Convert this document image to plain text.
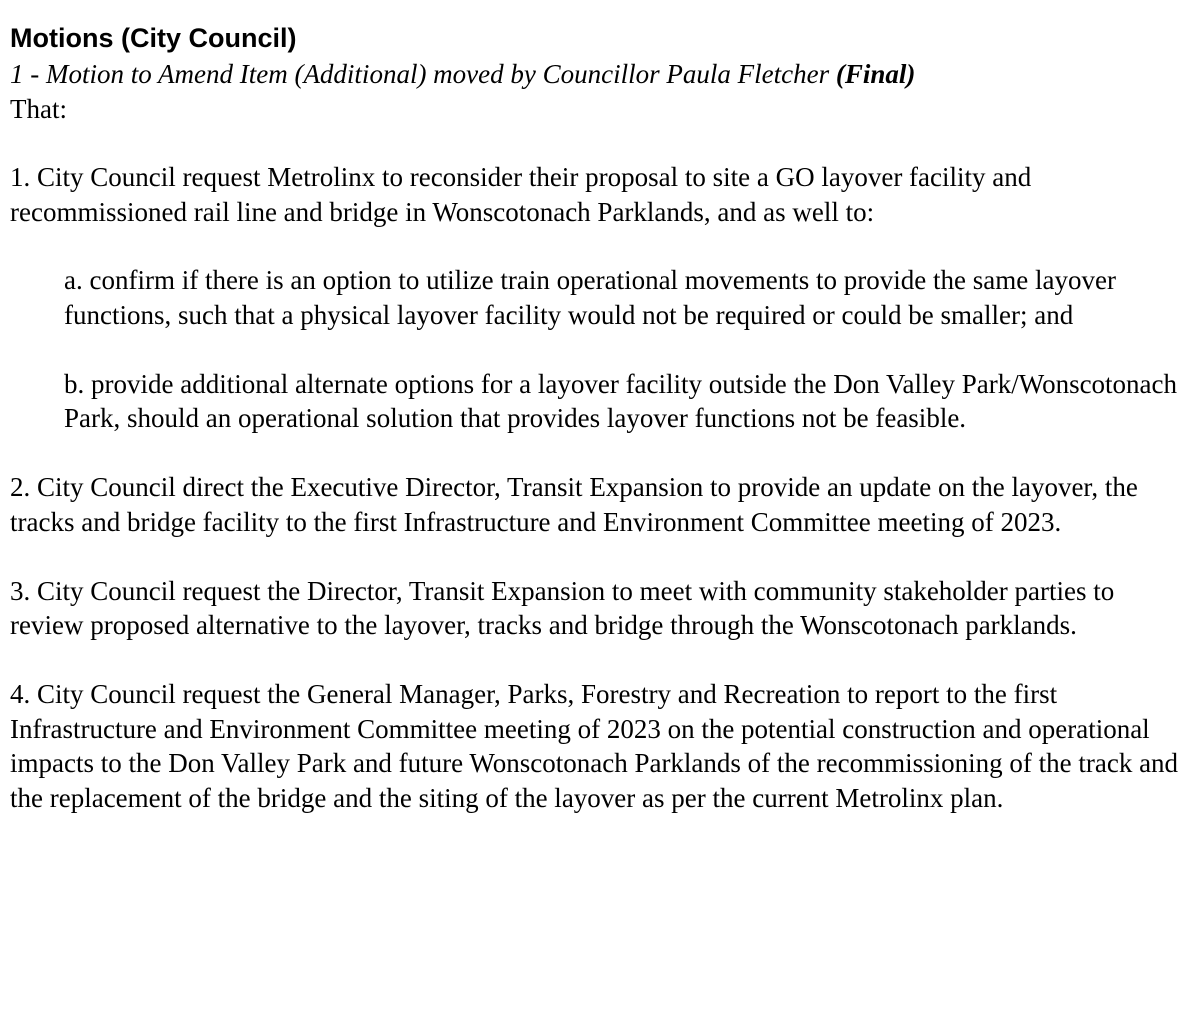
Motions (City Council)

1 - Motion to Amend Item (Additional) moved by Councillor Paula Fletcher (Final)

That:

1. City Council request Metrolinx to reconsider their proposal to site a GO layover facility and recommissioned rail line and bridge in Wonscotonach Parklands, and as well to:

a. confirm if there is an option to utilize train operational movements to provide the same layover functions, such that a physical layover facility would not be required or could be smaller; and

b. provide additional alternate options for a layover facility outside the Don Valley Park/Wonscotonach Park, should an operational solution that provides layover functions not be feasible.

2. City Council direct the Executive Director, Transit Expansion to provide an update on the layover, the tracks and bridge facility to the first Infrastructure and Environment Committee meeting of 2023.

3. City Council request the Director, Transit Expansion to meet with community stakeholder parties to review proposed alternative to the layover, tracks and bridge through the Wonscotonach parklands.

4. City Council request the General Manager, Parks, Forestry and Recreation to report to the first Infrastructure and Environment Committee meeting of 2023 on the potential construction and operational impacts to the Don Valley Park and future Wonscotonach Parklands of the recommissioning of the track and the replacement of the bridge and the siting of the layover as per the current Metrolinx plan.
